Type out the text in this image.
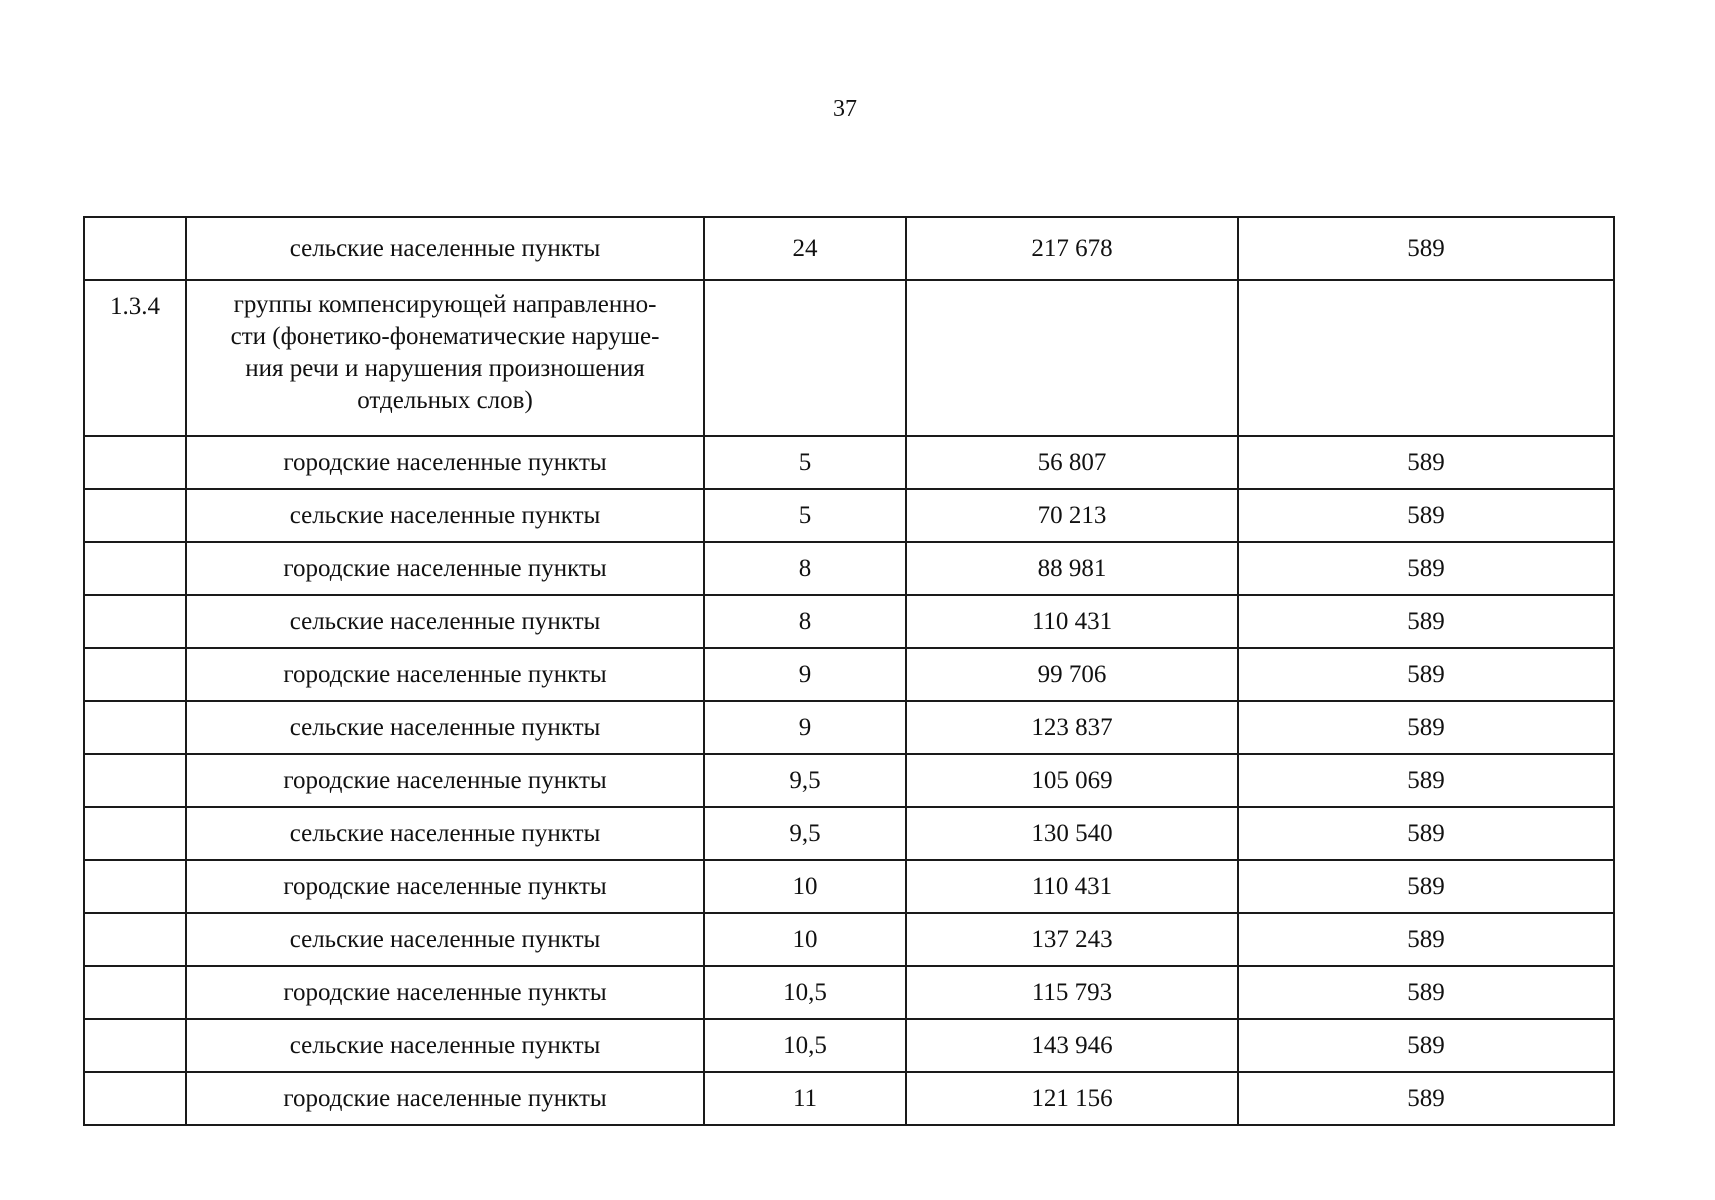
37
	сельские населенные пункты	24	217 678	589
1.3.4	группы компенсирующей направленно-
сти (фонетико-фонематические наруше-
ния речи и нарушения произношения
отдельных слов)			
	городские населенные пункты	5	56 807	589
	сельские населенные пункты	5	70 213	589
	городские населенные пункты	8	88 981	589
	сельские населенные пункты	8	110 431	589
	городские населенные пункты	9	99 706	589
	сельские населенные пункты	9	123 837	589
	городские населенные пункты	9,5	105 069	589
	сельские населенные пункты	9,5	130 540	589
	городские населенные пункты	10	110 431	589
	сельские населенные пункты	10	137 243	589
	городские населенные пункты	10,5	115 793	589
	сельские населенные пункты	10,5	143 946	589
	городские населенные пункты	11	121 156	589
